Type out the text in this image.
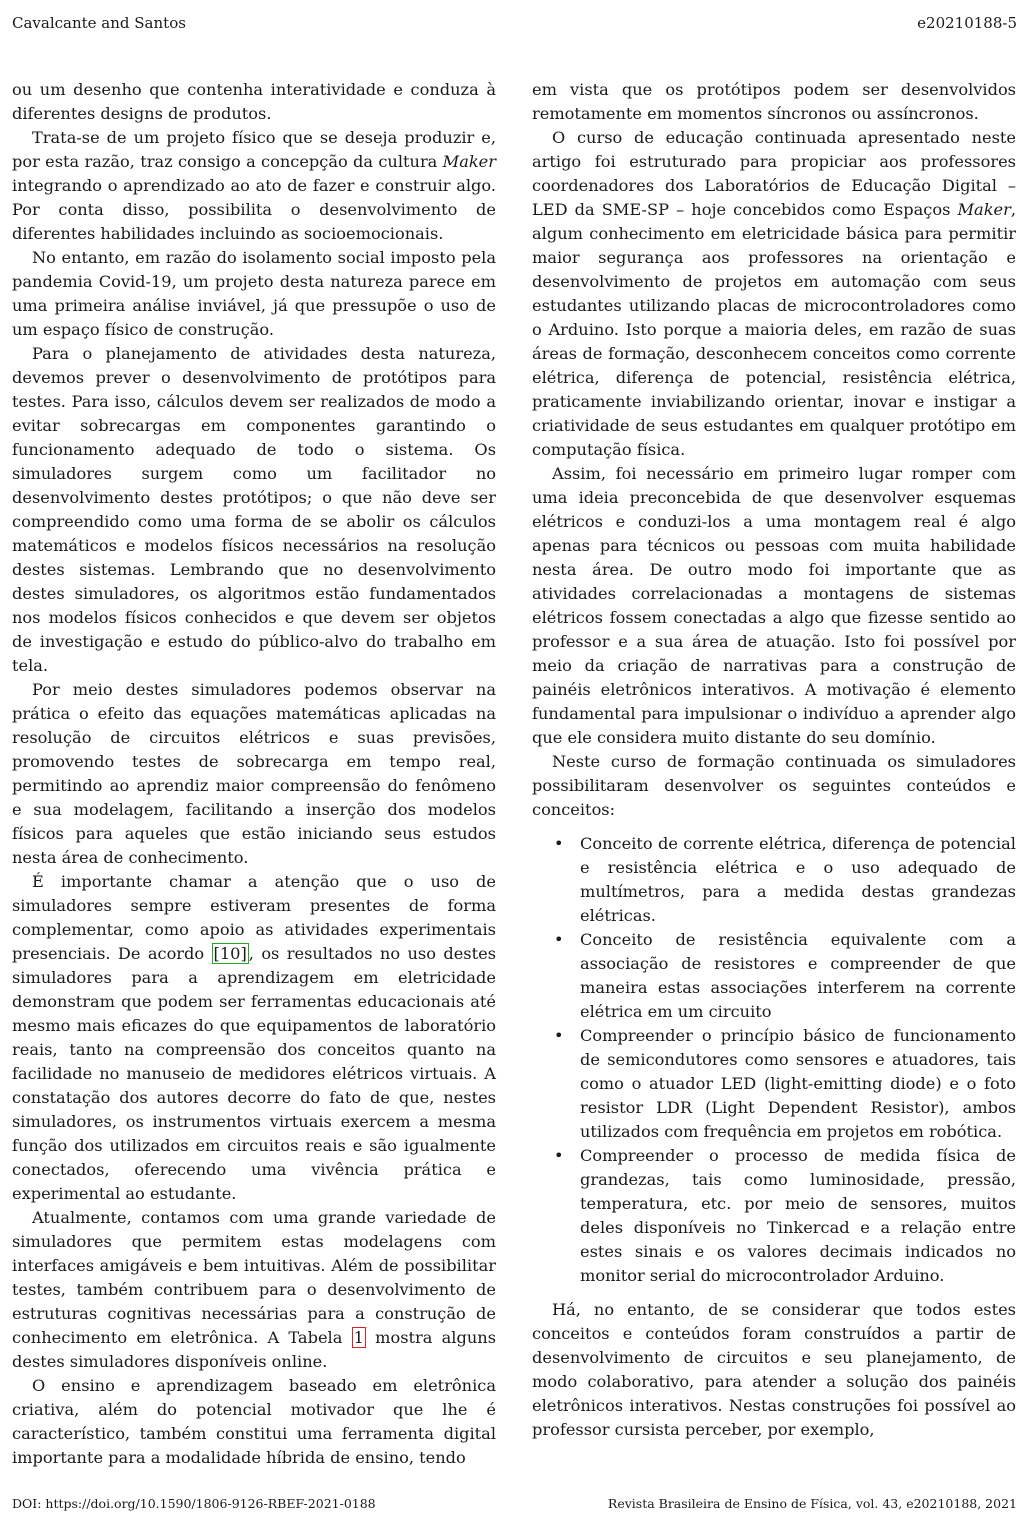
Cavalcante and Santos	e20210188-5

ou um desenho que contenha interatividade e conduza à diferentes designs de produtos.

Trata-se de um projeto físico que se deseja produzir e, por esta razão, traz consigo a concepção da cultura Maker integrando o aprendizado ao ato de fazer e construir algo. Por conta disso, possibilita o desenvolvimento de diferentes habilidades incluindo as socioemocionais.

No entanto, em razão do isolamento social imposto pela pandemia Covid-19, um projeto desta natureza parece em uma primeira análise inviável, já que pressupõe o uso de um espaço físico de construção.

Para o planejamento de atividades desta natureza, devemos prever o desenvolvimento de protótipos para testes. Para isso, cálculos devem ser realizados de modo a evitar sobrecargas em componentes garantindo o funcionamento adequado de todo o sistema. Os simuladores surgem como um facilitador no desenvolvimento destes protótipos; o que não deve ser compreendido como uma forma de se abolir os cálculos matemáticos e modelos físicos necessários na resolução destes sistemas. Lembrando que no desenvolvimento destes simuladores, os algoritmos estão fundamentados nos modelos físicos conhecidos e que devem ser objetos de investigação e estudo do público-alvo do trabalho em tela.

Por meio destes simuladores podemos observar na prática o efeito das equações matemáticas aplicadas na resolução de circuitos elétricos e suas previsões, promovendo testes de sobrecarga em tempo real, permitindo ao aprendiz maior compreensão do fenômeno e sua modelagem, facilitando a inserção dos modelos físicos para aqueles que estão iniciando seus estudos nesta área de conhecimento.

É importante chamar a atenção que o uso de simuladores sempre estiveram presentes de forma complementar, como apoio as atividades experimentais presenciais. De acordo [10] , os resultados no uso destes simuladores para a aprendizagem em eletricidade demonstram que podem ser ferramentas educacionais até mesmo mais eficazes do que equipamentos de laboratório reais, tanto na compreensão dos conceitos quanto na facilidade no manuseio de medidores elétricos virtuais. A constatação dos autores decorre do fato de que, nestes simuladores, os instrumentos virtuais exercem a mesma função dos utilizados em circuitos reais e são igualmente conectados, oferecendo uma vivência prática e experimental ao estudante.

Atualmente, contamos com uma grande variedade de simuladores que permitem estas modelagens com interfaces amigáveis e bem intuitivas. Além de possibilitar testes, também contribuem para o desenvolvimento de estruturas cognitivas necessárias para a construção de conhecimento em eletrônica. A Tabela 1 mostra alguns destes simuladores disponíveis online.

O ensino e aprendizagem baseado em eletrônica criativa, além do potencial motivador que lhe é característico, também constitui uma ferramenta digital importante para a modalidade híbrida de ensino, tendo

em vista que os protótipos podem ser desenvolvidos remotamente em momentos síncronos ou assíncronos.

O curso de educação continuada apresentado neste artigo foi estruturado para propiciar aos professores coordenadores dos Laboratórios de Educação Digital – LED da SME-SP – hoje concebidos como Espaços Maker, algum conhecimento em eletricidade básica para permitir maior segurança aos professores na orientação e desenvolvimento de projetos em automação com seus estudantes utilizando placas de microcontroladores como o Arduino. Isto porque a maioria deles, em razão de suas áreas de formação, desconhecem conceitos como corrente elétrica, diferença de potencial, resistência elétrica, praticamente inviabilizando orientar, inovar e instigar a criatividade de seus estudantes em qualquer protótipo em computação física.

Assim, foi necessário em primeiro lugar romper com uma ideia preconcebida de que desenvolver esquemas elétricos e conduzi-los a uma montagem real é algo apenas para técnicos ou pessoas com muita habilidade nesta área. De outro modo foi importante que as atividades correlacionadas a montagens de sistemas elétricos fossem conectadas a algo que fizesse sentido ao professor e a sua área de atuação. Isto foi possível por meio da criação de narrativas para a construção de painéis eletrônicos interativos. A motivação é elemento fundamental para impulsionar o indivíduo a aprender algo que ele considera muito distante do seu domínio.

Neste curso de formação continuada os simuladores possibilitaram desenvolver os seguintes conteúdos e conceitos:

• Conceito de corrente elétrica, diferença de potencial e resistência elétrica e o uso adequado de multímetros, para a medida destas grandezas elétricas.
• Conceito de resistência equivalente com a associação de resistores e compreender de que maneira estas associações interferem na corrente elétrica em um circuito
• Compreender o princípio básico de funcionamento de semicondutores como sensores e atuadores, tais como o atuador LED (light-emitting diode) e o foto resistor LDR (Light Dependent Resistor), ambos utilizados com frequência em projetos em robótica.
• Compreender o processo de medida física de grandezas, tais como luminosidade, pressão, temperatura, etc. por meio de sensores, muitos deles disponíveis no Tinkercad e a relação entre estes sinais e os valores decimais indicados no monitor serial do microcontrolador Arduino.

Há, no entanto, de se considerar que todos estes conceitos e conteúdos foram construídos a partir de desenvolvimento de circuitos e seu planejamento, de modo colaborativo, para atender a solução dos painéis eletrônicos interativos. Nestas construções foi possível ao professor cursista perceber, por exemplo,

DOI: https://doi.org/10.1590/1806-9126-RBEF-2021-0188	Revista Brasileira de Ensino de Física, vol. 43, e20210188, 2021
